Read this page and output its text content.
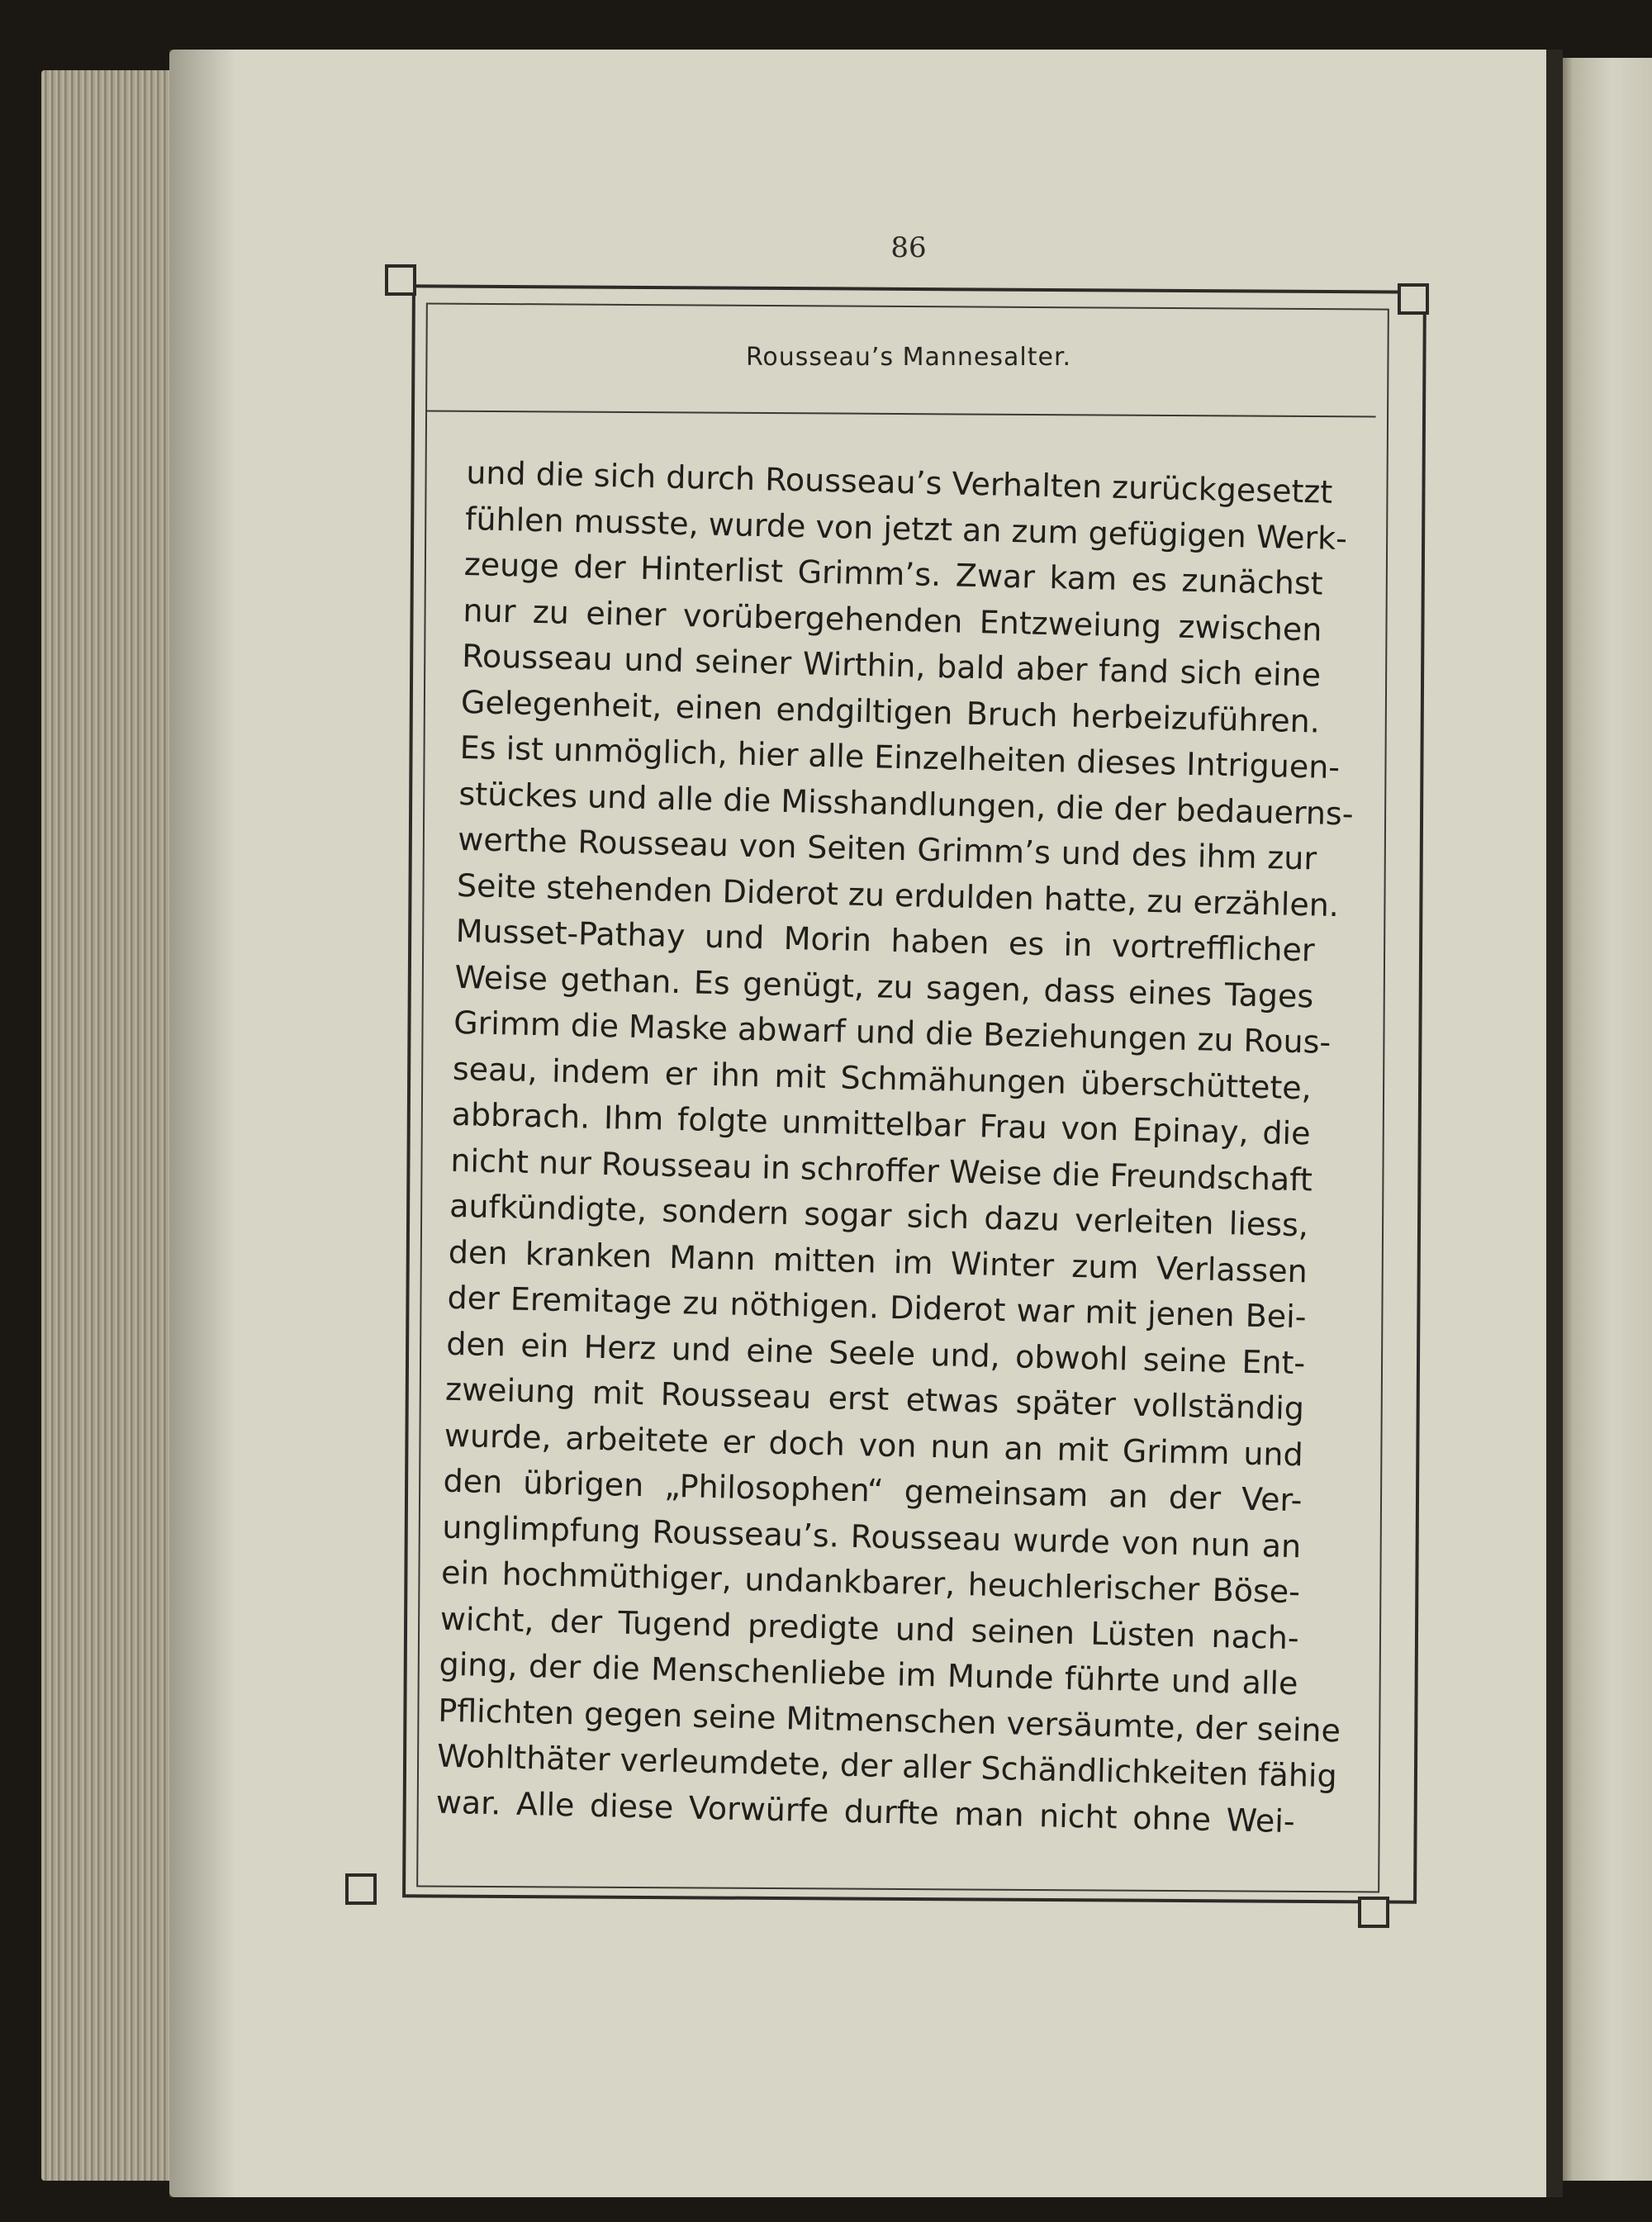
86
Rousseau’s Mannesalter.
und die sich durch Rousseau’s Verhalten zurückgesetzt
fühlen musste, wurde von jetzt an zum gefügigen Werk-
zeuge der Hinterlist Grimm’s. Zwar kam es zunächst
nur zu einer vorübergehenden Entzweiung zwischen
Rousseau und seiner Wirthin, bald aber fand sich eine
Gelegenheit, einen endgiltigen Bruch herbeizuführen.
Es ist unmöglich, hier alle Einzelheiten dieses Intriguen-
stückes und alle die Misshandlungen, die der bedauerns-
werthe Rousseau von Seiten Grimm’s und des ihm zur
Seite stehenden Diderot zu erdulden hatte, zu erzählen.
Musset-Pathay und Morin haben es in vortrefflicher
Weise gethan. Es genügt, zu sagen, dass eines Tages
Grimm die Maske abwarf und die Beziehungen zu Rous-
seau, indem er ihn mit Schmähungen überschüttete,
abbrach. Ihm folgte unmittelbar Frau von Epinay, die
nicht nur Rousseau in schroffer Weise die Freundschaft
aufkündigte, sondern sogar sich dazu verleiten liess,
den kranken Mann mitten im Winter zum Verlassen
der Eremitage zu nöthigen. Diderot war mit jenen Bei-
den ein Herz und eine Seele und, obwohl seine Ent-
zweiung mit Rousseau erst etwas später vollständig
wurde, arbeitete er doch von nun an mit Grimm und
den übrigen „Philosophen“ gemeinsam an der Ver-
unglimpfung Rousseau’s. Rousseau wurde von nun an
ein hochmüthiger, undankbarer, heuchlerischer Böse-
wicht, der Tugend predigte und seinen Lüsten nach-
ging, der die Menschenliebe im Munde führte und alle
Pflichten gegen seine Mitmenschen versäumte, der seine
Wohlthäter verleumdete, der aller Schändlichkeiten fähig
war. Alle diese Vorwürfe durfte man nicht ohne Wei-
